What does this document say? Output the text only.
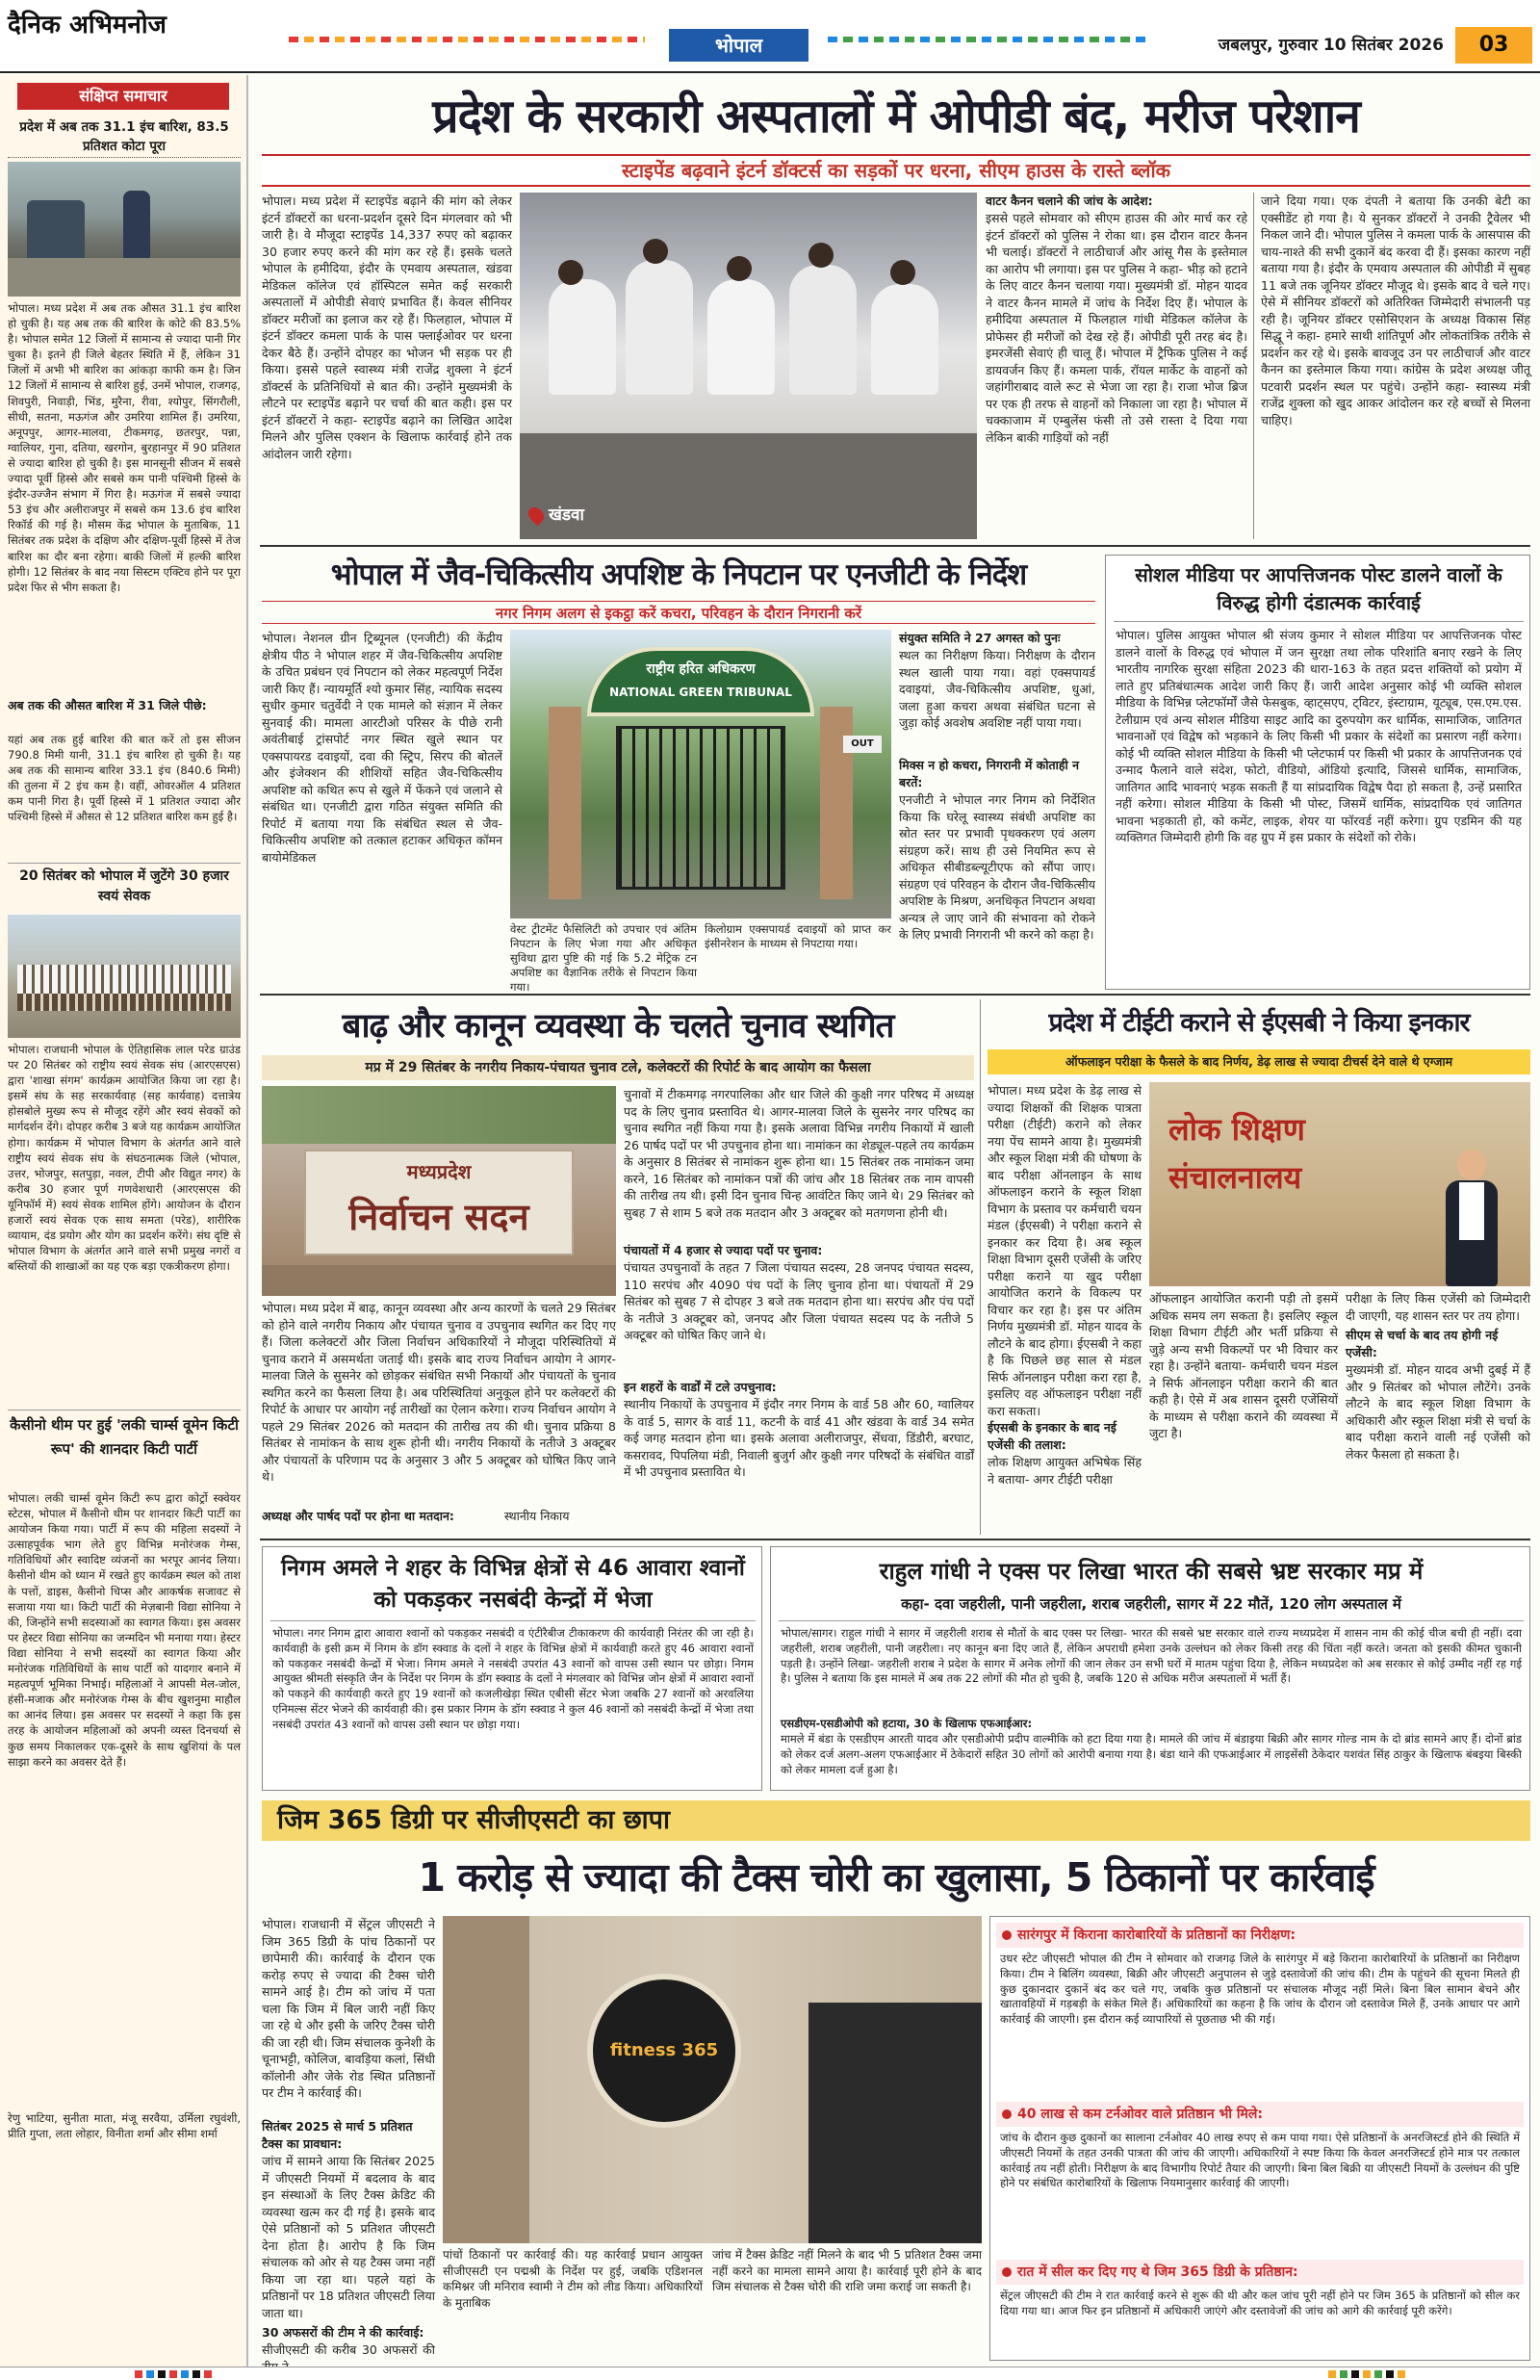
दैनिक अभिमनोज
भोपाल	जबलपुर, गुरुवार 10 सितंबर 2026	03
संक्षिप्त समाचार
प्रदेश में अब तक 31.1 इंच बारिश, 83.5 प्रतिशत कोटा पूरा
भोपाल। मध्य प्रदेश में अब तक औसत 31.1 इंच बारिश हो चुकी है। यह अब तक की बारिश के कोटे की 83.5% है। भोपाल समेत 12 जिलों में सामान्य से ज्यादा पानी गिर चुका है। इतने ही जिले बेहतर स्थिति में हैं, लेकिन 31 जिलों में अभी भी बारिश का आंकड़ा काफी कम है। जिन 12 जिलों में सामान्य से बारिश हुई, उनमें भोपाल, राजगढ़, शिवपुरी, निवाड़ी, भिंड, मुरैना, रीवा, श्योपुर, सिंगरौली, सीधी, सतना, मऊगंज और उमरिया शामिल हैं। उमरिया, अनूपपुर, आगर-मालवा, टीकमगढ़, छतरपुर, पन्ना, ग्वालियर, गुना, दतिया, खरगोन, बुरहानपुर में 90 प्रतिशत से ज्यादा बारिश हो चुकी है। इस मानसूनी सीजन में सबसे ज्यादा पूर्वी हिस्से और सबसे कम पानी पश्चिमी हिस्से के इंदौर-उज्जैन संभाग में गिरा है। मऊगंज में सबसे ज्यादा 53 इंच और अलीराजपुर में सबसे कम 13.6 इंच बारिश रिकॉर्ड की गई है। मौसम केंद्र भोपाल के मुताबिक, 11 सितंबर तक प्रदेश के दक्षिण और दक्षिण-पूर्वी हिस्से में तेज बारिश का दौर बना रहेगा। बाकी जिलों में हल्की बारिश होगी। 12 सितंबर के बाद नया सिस्टम एक्टिव होने पर पूरा प्रदेश फिर से भीग सकता है।
अब तक की औसत बारिश में 31 जिले पीछे:
यहां अब तक हुई बारिश की बात करें तो इस सीजन 790.8 मिमी यानी, 31.1 इंच बारिश हो चुकी है। यह अब तक की सामान्य बारिश 33.1 इंच (840.6 मिमी) की तुलना में 2 इंच कम है। वहीं, ओवरऑल 4 प्रतिशत कम पानी गिरा है। पूर्वी हिस्से में 1 प्रतिशत ज्यादा और पश्चिमी हिस्से में औसत से 12 प्रतिशत बारिश कम हुई है।
20 सितंबर को भोपाल में जुटेंगे 30 हजार स्वयं सेवक
भोपाल। राजधानी भोपाल के ऐतिहासिक लाल परेड ग्राउंड पर 20 सितंबर को राष्ट्रीय स्वयं सेवक संघ (आरएसएस) द्वारा 'शाखा संगम' कार्यक्रम आयोजित किया जा रहा है। इसमें संघ के सह सरकार्यवाह (सह कार्यवाह) दत्तात्रेय होसबोले मुख्य रूप से मौजूद रहेंगे और स्वयं सेवकों को मार्गदर्शन देंगे। दोपहर करीब 3 बजे यह कार्यक्रम आयोजित होगा। कार्यक्रम में भोपाल विभाग के अंतर्गत आने वाले राष्ट्रीय स्वयं सेवक संघ के संघठनात्मक जिले (भोपाल, उत्तर, भोजपुर, सतपुड़ा, नवल, टीपी और विद्युत नगर) के करीब 30 हजार पूर्ण गणवेशधारी (आरएसएस की यूनिफॉर्म में) स्वयं सेवक शामिल होंगे। आयोजन के दौरान हजारों स्वयं सेवक एक साथ समता (परेड), शारीरिक व्यायाम, दंड प्रयोग और योग का प्रदर्शन करेंगे। संघ दृष्टि से भोपाल विभाग के अंतर्गत आने वाले सभी प्रमुख नगरों व बस्तियों की शाखाओं का यह एक बड़ा एकत्रीकरण होगा।
कैसीनो थीम पर हुई 'लकी चार्म्स वूमेन किटी रूप' की शानदार किटी पार्टी
भोपाल। लकी चार्म्स वूमेन किटी रूप द्वारा कोर्ट्रो स्क्वेयर स्टेटस, भोपाल में कैसीनो थीम पर शानदार किटी पार्टी का आयोजन किया गया। पार्टी में रूप की महिला सदस्यों ने उत्साहपूर्वक भाग लेते हुए विभिन्न मनोरंजक गेम्स, गतिविधियों और स्वादिष्ट व्यंजनों का भरपूर आनंद लिया। कैसीनो थीम को ध्यान में रखते हुए कार्यक्रम स्थल को ताश के पत्तों, डाइस, कैसीनो चिप्स और आकर्षक सजावट से सजाया गया था। किटी पार्टी की मेज़बानी विद्या सोनिया ने की, जिन्होंने सभी सदस्याओं का स्वागत किया। इस अवसर पर हेस्टर विद्या सोनिया का जन्मदिन भी मनाया गया। हेस्टर विद्या सोनिया ने सभी सदस्यों का स्वागत किया और मनोरंजक गतिविधियों के साथ पार्टी को यादगार बनाने में महत्वपूर्ण भूमिका निभाई। महिलाओं ने आपसी मेल-जोल, हंसी-मजाक और मनोरंजक गेम्स के बीच खुशनुमा माहौल का आनंद लिया। इस अवसर पर सदस्यों ने कहा कि इस तरह के आयोजन महिलाओं को अपनी व्यस्त दिनचर्या से कुछ समय निकालकर एक-दूसरे के साथ खुशियां के पल साझा करने का अवसर देते हैं।
रेणु भाटिया, सुनीता माता, मंजू सरवैया, उर्मिला रघुवंशी, प्रीति गुप्ता, लता लोहार, विनीता शर्मा और सीमा शर्मा
प्रदेश के सरकारी अस्पतालों में ओपीडी बंद, मरीज परेशान
स्टाइपेंड बढ़वाने इंटर्न डॉक्टर्स का सड़कों पर धरना, सीएम हाउस के रास्ते ब्लॉक
भोपाल। मध्य प्रदेश में स्टाइपेंड बढ़ाने की मांग को लेकर इंटर्न डॉक्टरों का धरना-प्रदर्शन दूसरे दिन मंगलवार को भी जारी है। वे मौजूदा स्टाइपेंड 14,337 रुपए को बढ़ाकर 30 हजार रुपए करने की मांग कर रहे हैं। इसके चलते भोपाल के हमीदिया, इंदौर के एमवाय अस्पताल, खंडवा मेडिकल कॉलेज एवं हॉस्पिटल समेत कई सरकारी अस्पतालों में ओपीडी सेवाएं प्रभावित हैं। केवल सीनियर डॉक्टर मरीजों का इलाज कर रहे हैं। फिलहाल, भोपाल में इंटर्न डॉक्टर कमला पार्क के पास फ्लाईओवर पर धरना देकर बैठे हैं। उन्होंने दोपहर का भोजन भी सड़क पर ही किया। इससे पहले स्वास्थ्य मंत्री राजेंद्र शुक्ला ने इंटर्न डॉक्टर्स के प्रतिनिधियों से बात की। उन्होंने मुख्यमंत्री के लौटने पर स्टाइपेंड बढ़ाने पर चर्चा की बात कही। इस पर इंटर्न डॉक्टरों ने कहा- स्टाइपेंड बढ़ाने का लिखित आदेश मिलने और पुलिस एक्शन के खिलाफ कार्रवाई होने तक आंदोलन जारी रहेगा।
खंडवा
वाटर कैनन चलाने की जांच के आदेश:
इससे पहले सोमवार को सीएम हाउस की ओर मार्च कर रहे इंटर्न डॉक्टरों को पुलिस ने रोका था। इस दौरान वाटर कैनन भी चलाई। डॉक्टरों ने लाठीचार्ज और आंसू गैस के इस्तेमाल का आरोप भी लगाया। इस पर पुलिस ने कहा- भीड़ को हटाने के लिए वाटर कैनन चलाया गया। मुख्यमंत्री डॉ. मोहन यादव ने वाटर कैनन मामले में जांच के निर्देश दिए हैं। भोपाल के हमीदिया अस्पताल में फिलहाल गांधी मेडिकल कॉलेज के प्रोफेसर ही मरीजों को देख रहे हैं। ओपीडी पूरी तरह बंद है। इमरजेंसी सेवाएं ही चालू हैं। भोपाल में ट्रैफिक पुलिस ने कई डायवर्जन किए हैं। कमला पार्क, रॉयल मार्केट के वाहनों को जहांगीराबाद वाले रूट से भेजा जा रहा है। राजा भोज ब्रिज पर एक ही तरफ से वाहनों को निकाला जा रहा है। भोपाल में चक्काजाम में एम्बुलेंस फंसी तो उसे रास्ता दे दिया गया लेकिन बाकी गाड़ियों को नहीं
जाने दिया गया। एक दंपती ने बताया कि उनकी बेटी का एक्सीडेंट हो गया है। ये सुनकर डॉक्टरों ने उनकी ट्रैवेलर भी निकल जाने दी। भोपाल पुलिस ने कमला पार्क के आसपास की चाय-नाश्ते की सभी दुकानें बंद करवा दी हैं। इसका कारण नहीं बताया गया है। इंदौर के एमवाय अस्पताल की ओपीडी में सुबह 11 बजे तक जूनियर डॉक्टर मौजूद थे। इसके बाद वे चले गए। ऐसे में सीनियर डॉक्टरों को अतिरिक्त जिम्मेदारी संभालनी पड़ रही है। जूनियर डॉक्टर एसोसिएशन के अध्यक्ष विकास सिंह सिद्धू ने कहा- हमारे साथी शांतिपूर्ण और लोकतांत्रिक तरीके से प्रदर्शन कर रहे थे। इसके बावजूद उन पर लाठीचार्ज और वाटर कैनन का इस्तेमाल किया गया। कांग्रेस के प्रदेश अध्यक्ष जीतू पटवारी प्रदर्शन स्थल पर पहुंचे। उन्होंने कहा- स्वास्थ्य मंत्री राजेंद्र शुक्ला को खुद आकर आंदोलन कर रहे बच्चों से मिलना चाहिए।
भोपाल में जैव-चिकित्सीय अपशिष्ट के निपटान पर एनजीटी के निर्देश
नगर निगम अलग से इकट्ठा करें कचरा, परिवहन के दौरान निगरानी करें
भोपाल। नेशनल ग्रीन ट्रिब्यूनल (एनजीटी) की केंद्रीय क्षेत्रीय पीठ ने भोपाल शहर में जैव-चिकित्सीय अपशिष्ट के उचित प्रबंधन एवं निपटान को लेकर महत्वपूर्ण निर्देश जारी किए हैं। न्यायमूर्ति श्यो कुमार सिंह, न्यायिक सदस्य सुधीर कुमार चतुर्वेदी ने एक मामले को संज्ञान में लेकर सुनवाई की। मामला आरटीओ परिसर के पीछे रानी अवंतीबाई ट्रांसपोर्ट नगर स्थित खुले स्थान पर एक्सपायरड दवाइयों, दवा की स्ट्रिप, सिरप की बोतलें और इंजेक्शन की शीशियों सहित जैव-चिकित्सीय अपशिष्ट को कथित रूप से खुले में फेंकने एवं जलाने से संबंधित था। एनजीटी द्वारा गठित संयुक्त समिति की रिपोर्ट में बताया गया कि संबंधित स्थल से जैव-चिकित्सीय अपशिष्ट को तत्काल हटाकर अधिकृत कॉमन बायोमेडिकल
राष्ट्रीय हरित अधिकरण
NATIONAL GREEN TRIBUNAL
OUT
वेस्ट ट्रीटमेंट फैसिलिटी को उपचार एवं अंतिम निपटान के लिए भेजा गया और अधिकृत सुविधा द्वारा पुष्टि की गई कि 5.2 मेट्रिक टन अपशिष्ट का वैज्ञानिक तरीके से निपटान किया गया।
किलोग्राम एक्सपायर्ड दवाइयों को प्राप्त कर इंसीनरेशन के माध्यम से निपटाया गया।
संयुक्त समिति ने 27 अगस्त को पुनः
स्थल का निरीक्षण किया। निरीक्षण के दौरान स्थल खाली पाया गया। वहां एक्सपायर्ड दवाइयां, जैव-चिकित्सीय अपशिष्ट, धुआं, जला हुआ कचरा अथवा संबंधित घटना से जुड़ा कोई अवशेष अवशिष्ट नहीं पाया गया।
मिक्स न हो कचरा, निगरानी में कोताही न बरतें:
एनजीटी ने भोपाल नगर निगम को निर्देशित किया कि घरेलू स्वास्थ्य संबंधी अपशिष्ट का स्रोत स्तर पर प्रभावी पृथक्करण एवं अलग संग्रहण करें। साथ ही उसे नियमित रूप से अधिकृत सीबीडब्ल्यूटीएफ को सौंपा जाए। संग्रहण एवं परिवहन के दौरान जैव-चिकित्सीय अपशिष्ट के मिश्रण, अनधिकृत निपटान अथवा अन्यत्र ले जाए जाने की संभावना को रोकने के लिए प्रभावी निगरानी भी करने को कहा है।
सोशल मीडिया पर आपत्तिजनक पोस्ट डालने वालों के विरुद्ध होगी दंडात्मक कार्रवाई
भोपाल। पुलिस आयुक्त भोपाल श्री संजय कुमार ने सोशल मीडिया पर आपत्तिजनक पोस्ट डालने वालों के विरुद्ध एवं भोपाल में जन सुरक्षा तथा लोक परिशांति बनाए रखने के लिए भारतीय नागरिक सुरक्षा संहिता 2023 की धारा-163 के तहत प्रदत्त शक्तियों को प्रयोग में लाते हुए प्रतिबंधात्मक आदेश जारी किए हैं। जारी आदेश अनुसार कोई भी व्यक्ति सोशल मीडिया के विभिन्न प्लेटफॉर्मों जैसे फेसबुक, व्हाट्सएप, ट्विटर, इंस्टाग्राम, यूट्यूब, एस.एम.एस. टेलीग्राम एवं अन्य सोशल मीडिया साइट आदि का दुरुपयोग कर धार्मिक, सामाजिक, जातिगत भावनाओं एवं विद्वेष को भड़काने के लिए किसी भी प्रकार के संदेशों का प्रसारण नहीं करेगा। कोई भी व्यक्ति सोशल मीडिया के किसी भी प्लेटफार्म पर किसी भी प्रकार के आपत्तिजनक एवं उन्माद फैलाने वाले संदेश, फोटो, वीडियो, ऑडियो इत्यादि, जिससे धार्मिक, सामाजिक, जातिगत आदि भावनाएं भड़क सकती हैं या सांप्रदायिक विद्वेष पैदा हो सकता है, उन्हें प्रसारित नहीं करेगा। सोशल मीडिया के किसी भी पोस्ट, जिसमें धार्मिक, सांप्रदायिक एवं जातिगत भावना भड़काती हो, को कमेंट, लाइक, शेयर या फॉरवर्ड नहीं करेगा। ग्रुप एडमिन की यह व्यक्तिगत जिम्मेदारी होगी कि वह ग्रुप में इस प्रकार के संदेशों को रोके।
बाढ़ और कानून व्यवस्था के चलते चुनाव स्थगित
मप्र में 29 सितंबर के नगरीय निकाय-पंचायत चुनाव टले, कलेक्टरों की रिपोर्ट के बाद आयोग का फैसला
मध्यप्रदेश
निर्वाचन सदन
भोपाल। मध्य प्रदेश में बाढ़, कानून व्यवस्था और अन्य कारणों के चलते 29 सितंबर को होने वाले नगरीय निकाय और पंचायत चुनाव व उपचुनाव स्थगित कर दिए गए हैं। जिला कलेक्टरों और जिला निर्वाचन अधिकारियों ने मौजूदा परिस्थितियों में चुनाव कराने में असमर्थता जताई थी। इसके बाद राज्य निर्वाचन आयोग ने आगर-मालवा जिले के सुसनेर को छोड़कर संबंधित सभी निकायों और पंचायतों के चुनाव स्थगित करने का फैसला लिया है। अब परिस्थितियां अनुकूल होने पर कलेक्टरों की रिपोर्ट के आधार पर आयोग नई तारीखों का ऐलान करेगा। राज्य निर्वाचन आयोग ने पहले 29 सितंबर 2026 को मतदान की तारीख तय की थी। चुनाव प्रक्रिया 8 सितंबर से नामांकन के साथ शुरू होनी थी। नगरीय निकायों के नतीजे 3 अक्टूबर और पंचायतों के परिणाम पद के अनुसार 3 और 5 अक्टूबर को घोषित किए जाने थे।
अध्यक्ष और पार्षद पदों पर होना था मतदान:	स्थानीय निकाय
चुनावों में टीकमगढ़ नगरपालिका और धार जिले की कुक्षी नगर परिषद में अध्यक्ष पद के लिए चुनाव प्रस्तावित थे। आगर-मालवा जिले के सुसनेर नगर परिषद का चुनाव स्थगित नहीं किया गया है। इसके अलावा विभिन्न नगरीय निकायों में खाली 26 पार्षद पदों पर भी उपचुनाव होना था। नामांकन का शेड्यूल-पहले तय कार्यक्रम के अनुसार 8 सितंबर से नामांकन शुरू होना था। 15 सितंबर तक नामांकन जमा करने, 16 सितंबर को नामांकन पत्रों की जांच और 18 सितंबर तक नाम वापसी की तारीख तय थी। इसी दिन चुनाव चिन्ह आवंटित किए जाने थे। 29 सितंबर को सुबह 7 से शाम 5 बजे तक मतदान और 3 अक्टूबर को मतगणना होनी थी।
पंचायतों में 4 हजार से ज्यादा पदों पर चुनाव:
पंचायत उपचुनावों के तहत 7 जिला पंचायत सदस्य, 28 जनपद पंचायत सदस्य, 110 सरपंच और 4090 पंच पदों के लिए चुनाव होना था। पंचायतों में 29 सितंबर को सुबह 7 से दोपहर 3 बजे तक मतदान होना था। सरपंच और पंच पदों के नतीजे 3 अक्टूबर को, जनपद और जिला पंचायत सदस्य पद के नतीजे 5 अक्टूबर को घोषित किए जाने थे।
इन शहरों के वार्डों में टले उपचुनाव:
स्थानीय निकायों के उपचुनाव में इंदौर नगर निगम के वार्ड 58 और 60, ग्वालियर के वार्ड 5, सागर के वार्ड 11, कटनी के वार्ड 41 और खंडवा के वार्ड 34 समेत कई जगह मतदान होना था। इसके अलावा अलीराजपुर, सेंधवा, डिंडौरी, बरघाट, कसरावद, पिपलिया मंडी, निवाली बुजुर्ग और कुक्षी नगर परिषदों के संबंधित वार्डों में भी उपचुनाव प्रस्तावित थे।
प्रदेश में टीईटी कराने से ईएसबी ने किया इनकार
ऑफलाइन परीक्षा के फैसले के बाद निर्णय, डेढ़ लाख से ज्यादा टीचर्स देने वाले थे एग्जाम
भोपाल। मध्य प्रदेश के डेढ़ लाख से ज्यादा शिक्षकों की शिक्षक पात्रता परीक्षा (टीईटी) कराने को लेकर नया पेंच सामने आया है। मुख्यमंत्री और स्कूल शिक्षा मंत्री की घोषणा के बाद परीक्षा ऑनलाइन के साथ ऑफलाइन कराने के स्कूल शिक्षा विभाग के प्रस्ताव पर कर्मचारी चयन मंडल (ईएसबी) ने परीक्षा कराने से इनकार कर दिया है। अब स्कूल शिक्षा विभाग दूसरी एजेंसी के जरिए परीक्षा कराने या खुद परीक्षा आयोजित कराने के विकल्प पर विचार कर रहा है। इस पर अंतिम निर्णय मुख्यमंत्री डॉ. मोहन यादव के लौटने के बाद होगा। ईएसबी ने कहा है कि पिछले छह साल से मंडल सिर्फ ऑनलाइन परीक्षा करा रहा है, इसलिए वह ऑफलाइन परीक्षा नहीं करा सकता।
ईएसबी के इनकार के बाद नई एजेंसी की तलाश:
लोक शिक्षण आयुक्त अभिषेक सिंह ने बताया- अगर टीईटी परीक्षा
लोक शिक्षण संचालनालय
ऑफलाइन आयोजित करानी पड़ी तो इसमें अधिक समय लग सकता है। इसलिए स्कूल शिक्षा विभाग टीईटी और भर्ती प्रक्रिया से जुड़े अन्य सभी विकल्पों पर भी विचार कर रहा है। उन्होंने बताया- कर्मचारी चयन मंडल ने सिर्फ ऑनलाइन परीक्षा कराने की बात कही है। ऐसे में अब शासन दूसरी एजेंसियों के माध्यम से परीक्षा कराने की व्यवस्था में जुटा है।
परीक्षा के लिए किस एजेंसी को जिम्मेदारी दी जाएगी, यह शासन स्तर पर तय होगा।
सीएम से चर्चा के बाद तय होगी नई एजेंसी:
मुख्यमंत्री डॉ. मोहन यादव अभी दुबई में हैं और 9 सितंबर को भोपाल लौटेंगे। उनके लौटने के बाद स्कूल शिक्षा विभाग के अधिकारी और स्कूल शिक्षा मंत्री से चर्चा के बाद परीक्षा कराने वाली नई एजेंसी को लेकर फैसला हो सकता है।
निगम अमले ने शहर के विभिन्न क्षेत्रों से 46 आवारा श्वानों को पकड़कर नसबंदी केन्द्रों में भेजा
भोपाल। नगर निगम द्वारा आवारा श्वानों को पकड़कर नसबंदी व एंटीरैबीज टीकाकरण की कार्यवाही निरंतर की जा रही है। कार्यवाही के इसी क्रम में निगम के डॉग स्क्वाड के दलों ने शहर के विभिन्न क्षेत्रों में कार्यवाही करते हुए 46 आवारा श्वानों को पकड़कर नसबंदी केन्द्रों में भेजा। निगम अमले ने नसबंदी उपरांत 43 श्वानों को वापस उसी स्थान पर छोड़ा। निगम आयुक्त श्रीमती संस्कृति जैन के निर्देश पर निगम के डॉग स्क्वाड के दलों ने मंगलवार को विभिन्न जोन क्षेत्रों में आवारा श्वानों को पकड़ने की कार्यवाही करते हुए 19 श्वानों को कजलीखेड़ा स्थित एबीसी सेंटर भेजा जबकि 27 श्वानों को अरवलिया एनिमल्स सेंटर भेजने की कार्यवाही की। इस प्रकार निगम के डॉग स्क्वाड ने कुल 46 श्वानों को नसबंदी केन्द्रों में भेजा तथा नसबंदी उपरांत 43 श्वानों को वापस उसी स्थान पर छोड़ा गया।
राहुल गांधी ने एक्स पर लिखा भारत की सबसे भ्रष्ट सरकार मप्र में
कहा- दवा जहरीली, पानी जहरीला, शराब जहरीली, सागर में 22 मौतें, 120 लोग अस्पताल में
भोपाल/सागर। राहुल गांधी ने सागर में जहरीली शराब से मौतों के बाद एक्स पर लिखा- भारत की सबसे भ्रष्ट सरकार वाले राज्य मध्यप्रदेश में शासन नाम की कोई चीज बची ही नहीं। दवा जहरीली, शराब जहरीली, पानी जहरीला। नए कानून बना दिए जाते हैं, लेकिन अपराधी हमेशा उनके उल्लंघन को लेकर किसी तरह की चिंता नहीं करते। जनता को इसकी कीमत चुकानी पड़ती है। उन्होंने लिखा- जहरीली शराब ने प्रदेश के सागर में अनेक लोगों की जान लेकर उन सभी घरों में मातम पहुंचा दिया है, लेकिन मध्यप्रदेश को अब सरकार से कोई उम्मीद नहीं रह गई है। पुलिस ने बताया कि इस मामले में अब तक 22 लोगों की मौत हो चुकी है, जबकि 120 से अधिक मरीज अस्पतालों में भर्ती हैं।
एसडीएम-एसडीओपी को हटाया, 30 के खिलाफ एफआईआर:
मामले में बंडा के एसडीएम आरती यादव और एसडीओपी प्रदीप वाल्मीकि को हटा दिया गया है। मामले की जांच में बंडाइया बिक्री और सागर गोल्ड नाम के दो ब्रांड सामने आए हैं। दोनों ब्रांड को लेकर दर्ज अलग-अलग एफआईआर में ठेकेदारों सहित 30 लोगों को आरोपी बनाया गया है। बंडा थाने की एफआईआर में लाइसेंसी ठेकेदार यशवंत सिंह ठाकुर के खिलाफ बंबइया बिस्की को लेकर मामला दर्ज हुआ है।
जिम 365 डिग्री पर सीजीएसटी का छापा
1 करोड़ से ज्यादा की टैक्स चोरी का खुलासा, 5 ठिकानों पर कार्रवाई
भोपाल। राजधानी में सेंट्रल जीएसटी ने जिम 365 डिग्री के पांच ठिकानों पर छापेमारी की। कार्रवाई के दौरान एक करोड़ रुपए से ज्यादा की टैक्स चोरी सामने आई है। टीम को जांच में पता चला कि जिम में बिल जारी नहीं किए जा रहे थे और इसी के जरिए टैक्स चोरी की जा रही थी। जिम संचालक कुनेशी के चूनाभट्टी, कोलिज, बावड़िया कलां, सिंधी कॉलोनी और जेके रोड स्थित प्रतिष्ठानों पर टीम ने कार्रवाई की।
सितंबर 2025 से मार्च 5 प्रतिशत टैक्स का प्रावधान:
जांच में सामने आया कि सितंबर 2025 में जीएसटी नियमों में बदलाव के बाद इन संस्थाओं के लिए टैक्स क्रेडिट की व्यवस्था खत्म कर दी गई है। इसके बाद ऐसे प्रतिष्ठानों को 5 प्रतिशत जीएसटी देना होता है। आरोप है कि जिम संचालक को ओर से यह टैक्स जमा नहीं किया जा रहा था। पहले यहां के प्रतिष्ठानों पर 18 प्रतिशत जीएसटी लिया जाता था।
30 अफसरों की टीम ने की कार्रवाई:
सीजीएसटी की करीब 30 अफसरों की
fitness 365
पांचों ठिकानों पर कार्रवाई की। यह कार्रवाई प्रधान आयुक्त सीजीएसटी एन पद्मश्री के निर्देश पर हुई, जबकि एडिशनल कमिश्नर जी मनिराव स्वामी ने टीम को लीड किया। अधिकारियों के मुताबिक
जांच में टैक्स क्रेडिट नहीं मिलने के बाद भी 5 प्रतिशत टैक्स जमा नहीं करने का मामला सामने आया है। कार्रवाई पूरी होने के बाद जिम संचालक से टैक्स चोरी की राशि जमा कराई जा सकती है।
सारंगपुर में किराना कारोबारियों के प्रतिष्ठानों का निरीक्षण:
उधर स्टेट जीएसटी भोपाल की टीम ने सोमवार को राजगढ़ जिले के सारंगपुर में बड़े किराना कारोबारियों के प्रतिष्ठानों का निरीक्षण किया। टीम ने बिलिंग व्यवस्था, बिक्री और जीएसटी अनुपालन से जुड़े दस्तावेजों की जांच की। टीम के पहुंचने की सूचना मिलते ही कुछ दुकानदार दुकानें बंद कर चले गए, जबकि कुछ प्रतिष्ठानों पर संचालक मौजूद नहीं मिले। बिना बिल सामान बेचने और खातावहियों में गड़बड़ी के संकेत मिले हैं। अधिकारियों का कहना है कि जांच के दौरान जो दस्तावेज मिले हैं, उनके आधार पर आगे कार्रवाई की जाएगी। इस दौरान कई व्यापारियों से पूछताछ भी की गई।
40 लाख से कम टर्नओवर वाले प्रतिष्ठान भी मिले:
जांच के दौरान कुछ दुकानों का सालाना टर्नओवर 40 लाख रुपए से कम पाया गया। ऐसे प्रतिष्ठानों के अनरजिस्टर्ड होने की स्थिति में जीएसटी नियमों के तहत उनकी पात्रता की जांच की जाएगी। अधिकारियों ने स्पष्ट किया कि केवल अनरजिस्टर्ड होने मात्र पर तत्काल कार्रवाई तय नहीं होती। निरीक्षण के बाद विभागीय रिपोर्ट तैयार की जाएगी। बिना बिल बिक्री या जीएसटी नियमों के उल्लंघन की पुष्टि होने पर संबंधित कारोबारियों के खिलाफ नियमानुसार कार्रवाई की जाएगी।
रात में सील कर दिए गए थे जिम 365 डिग्री के प्रतिष्ठान:
सेंट्रल जीएसटी की टीम ने रात कार्रवाई करने से शुरू की थी और कल जांच पूरी नहीं होने पर जिम 365 के प्रतिष्ठानों को सील कर दिया गया था। आज फिर इन प्रतिष्ठानों में अधिकारी जाएंगे और दस्तावेजों की जांच को आगे की कार्रवाई पूरी करेंगे।
